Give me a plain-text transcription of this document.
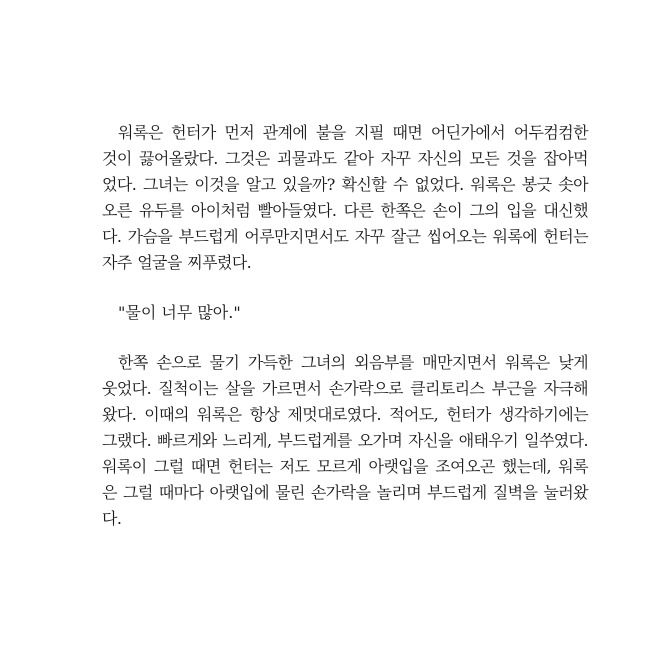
워록은 헌터가 먼저 관계에 불을 지필 때면 어딘가에서 어두컴컴한
것이 끓어올랐다. 그것은 괴물과도 같아 자꾸 자신의 모든 것을 잡아먹
었다. 그녀는 이것을 알고 있을까? 확신할 수 없었다. 워록은 봉긋 솟아
오른 유두를 아이처럼 빨아들였다. 다른 한쪽은 손이 그의 입을 대신했
다. 가슴을 부드럽게 어루만지면서도 자꾸 잘근 씹어오는 워록에 헌터는
자주 얼굴을 찌푸렸다.
"물이 너무 많아."
한쪽 손으로 물기 가득한 그녀의 외음부를 매만지면서 워록은 낮게
웃었다. 질척이는 살을 가르면서 손가락으로 클리토리스 부근을 자극해
왔다. 이때의 워록은 항상 제멋대로였다. 적어도, 헌터가 생각하기에는
그랬다. 빠르게와 느리게, 부드럽게를 오가며 자신을 애태우기 일쑤였다.
워록이 그럴 때면 헌터는 저도 모르게 아랫입을 조여오곤 했는데, 워록
은 그럴 때마다 아랫입에 물린 손가락을 놀리며 부드럽게 질벽을 눌러왔
다.
